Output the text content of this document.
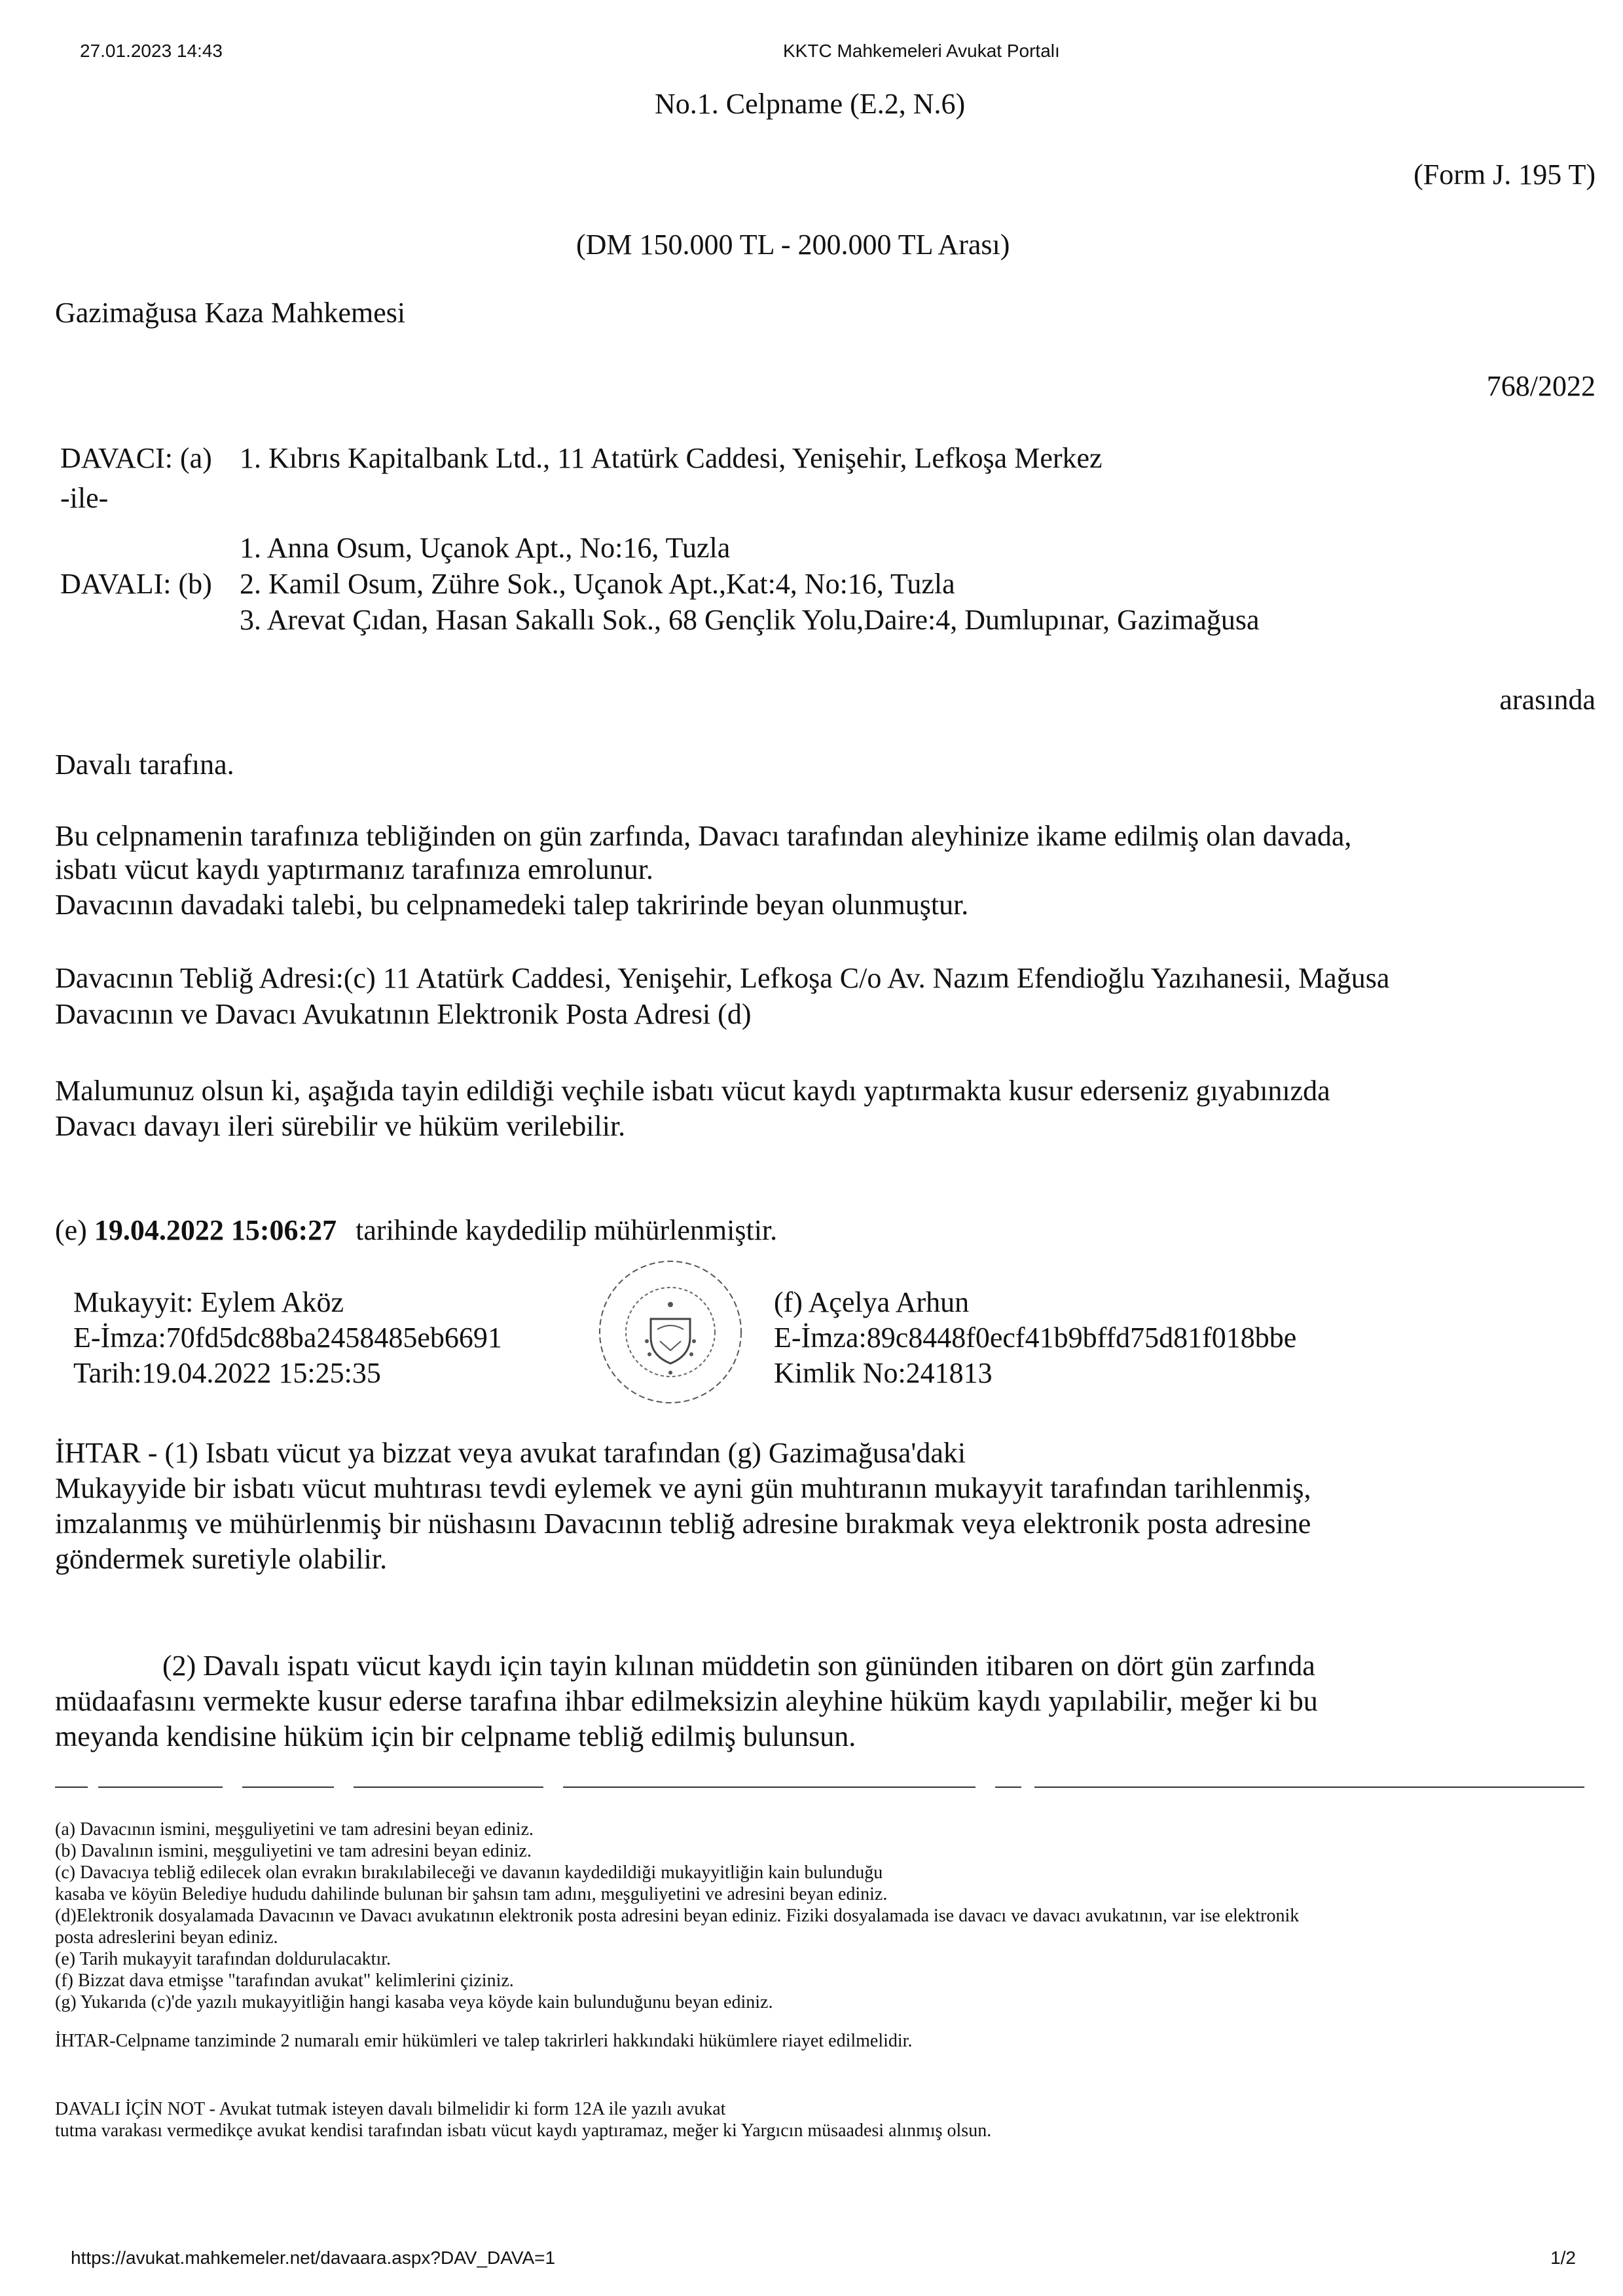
27.01.2023 14:43	KKTC Mahkemeleri Avukat Portalı
No.1. Celpname (E.2, N.6)
(Form J. 195 T)
(DM 150.000 TL - 200.000 TL Arası)
Gazimağusa Kaza Mahkemesi
768/2022
DAVACI: (a) 1. Kıbrıs Kapitalbank Ltd., 11 Atatürk Caddesi, Yenişehir, Lefkoşa Merkez
-ile-
1. Anna Osum, Uçanok Apt., No:16, Tuzla
DAVALI: (b) 2. Kamil Osum, Zühre Sok., Uçanok Apt.,Kat:4, No:16, Tuzla
3. Arevat Çıdan, Hasan Sakallı Sok., 68 Gençlik Yolu,Daire:4, Dumlupınar, Gazimağusa
arasında
Davalı tarafına.
Bu celpnamenin tarafınıza tebliğinden on gün zarfında, Davacı tarafından aleyhinize ikame edilmiş olan davada,
isbatı vücut kaydı yaptırmanız tarafınıza emrolunur.
Davacının davadaki talebi, bu celpnamedeki talep takririnde beyan olunmuştur.
Davacının Tebliğ Adresi:(c) 11 Atatürk Caddesi, Yenişehir, Lefkoşa C/o Av. Nazım Efendioğlu Yazıhanesii, Mağusa
Davacının ve Davacı Avukatının Elektronik Posta Adresi (d)
Malumunuz olsun ki, aşağıda tayin edildiği veçhile isbatı vücut kaydı yaptırmakta kusur ederseniz gıyabınızda
Davacı davayı ileri sürebilir ve hüküm verilebilir.
(e) 19.04.2022 15:06:27 tarihinde kaydedilip mühürlenmiştir.
Mukayyit: Eylem Aköz
E-İmza:70fd5dc88ba2458485eb6691
Tarih:19.04.2022 15:25:35
(f) Açelya Arhun
E-İmza:89c8448f0ecf41b9bffd75d81f018bbe
Kimlik No:241813
İHTAR - (1) Isbatı vücut ya bizzat veya avukat tarafından (g) Gazimağusa'daki
Mukayyide bir isbatı vücut muhtırası tevdi eylemek ve ayni gün muhtıranın mukayyit tarafından tarihlenmiş,
imzalanmış ve mühürlenmiş bir nüshasını Davacının tebliğ adresine bırakmak veya elektronik posta adresine
göndermek suretiyle olabilir.
(2) Davalı ispatı vücut kaydı için tayin kılınan müddetin son gününden itibaren on dört gün zarfında
müdaafasını vermekte kusur ederse tarafına ihbar edilmeksizin aleyhine hüküm kaydı yapılabilir, meğer ki bu
meyanda kendisine hüküm için bir celpname tebliğ edilmiş bulunsun.
(a) Davacının ismini, meşguliyetini ve tam adresini beyan ediniz.
(b) Davalının ismini, meşguliyetini ve tam adresini beyan ediniz.
(c) Davacıya tebliğ edilecek olan evrakın bırakılabileceği ve davanın kaydedildiği mukayyitliğin kain bulunduğu
kasaba ve köyün Belediye hududu dahilinde bulunan bir şahsın tam adını, meşguliyetini ve adresini beyan ediniz.
(d)Elektronik dosyalamada Davacının ve Davacı avukatının elektronik posta adresini beyan ediniz. Fiziki dosyalamada ise davacı ve davacı avukatının, var ise elektronik
posta adreslerini beyan ediniz.
(e) Tarih mukayyit tarafından doldurulacaktır.
(f) Bizzat dava etmişse "tarafından avukat" kelimlerini çiziniz.
(g) Yukarıda (c)'de yazılı mukayyitliğin hangi kasaba veya köyde kain bulunduğunu beyan ediniz.
İHTAR-Celpname tanziminde 2 numaralı emir hükümleri ve talep takrirleri hakkındaki hükümlere riayet edilmelidir.
DAVALI İÇİN NOT - Avukat tutmak isteyen davalı bilmelidir ki form 12A ile yazılı avukat
tutma varakası vermedikçe avukat kendisi tarafından isbatı vücut kaydı yaptıramaz, meğer ki Yargıcın müsaadesi alınmış olsun.
https://avukat.mahkemeler.net/davaara.aspx?DAV_DAVA=1	1/2
